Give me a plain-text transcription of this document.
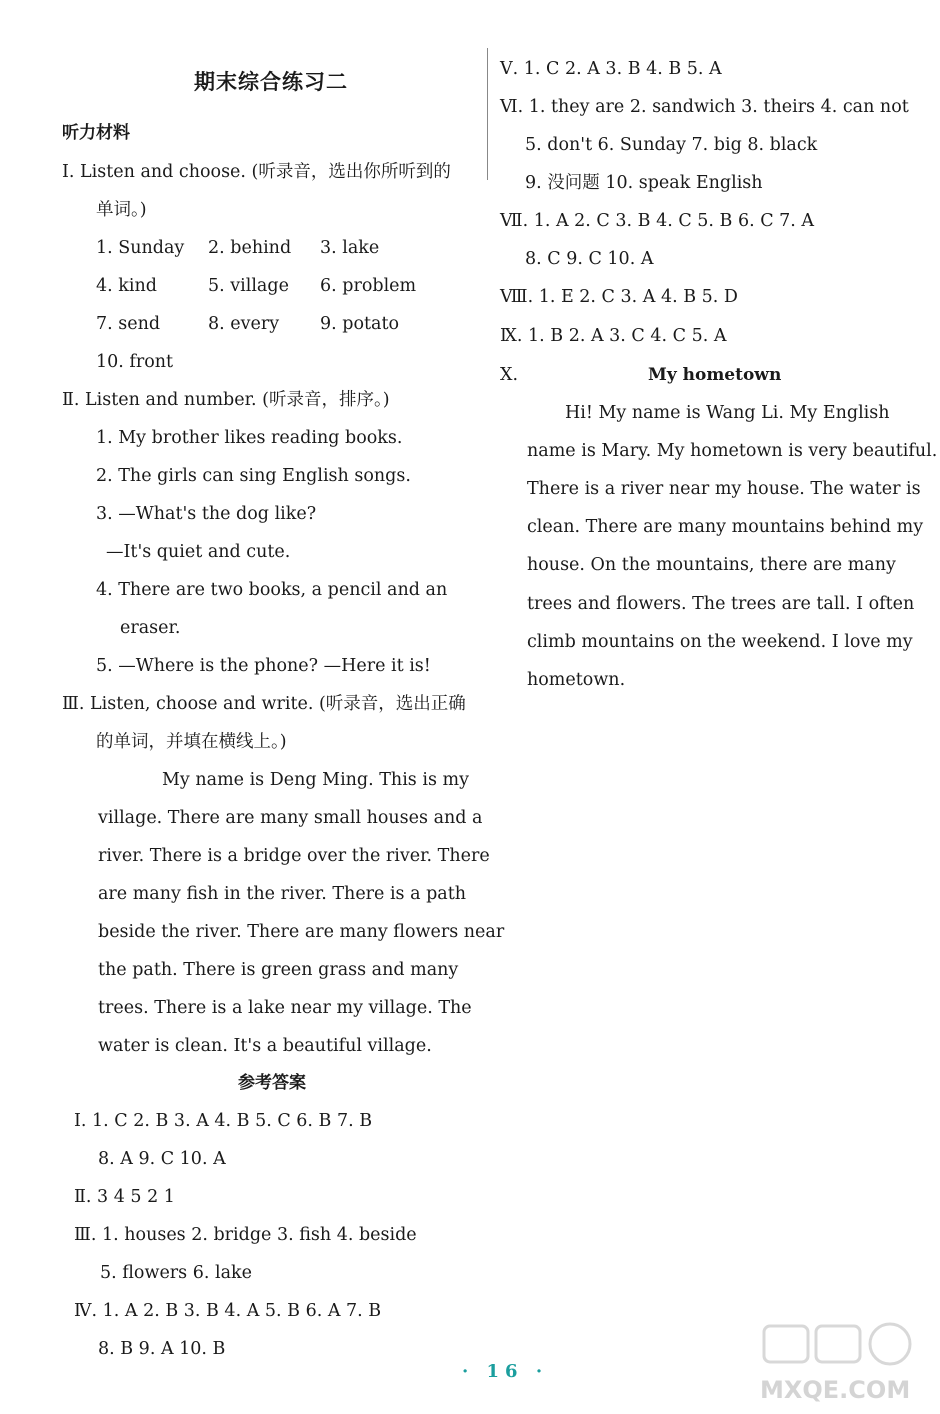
期末综合练习二
听力材料
Ⅰ. Listen and choose. (听录音，选出你所听到的
单词。)
1. Sunday 2. behind 3. lake
4. kind	5. village 6. problem
7. send	8. every 9. potato
10. front
Ⅱ. Listen and number. (听录音，排序。)
1. My brother likes reading books.
2. The girls can sing English songs.
3. —What's the dog like?
—It's quiet and cute.
4. There are two books, a pencil and an
eraser.
5. —Where is the phone? —Here it is!
Ⅲ. Listen, choose and write. (听录音，选出正确
的单词，并填在横线上。)
My name is Deng Ming. This is my
village. There are many small houses and a
river. There is a bridge over the river. There
are many fish in the river. There is a path
beside the river. There are many flowers near
the path. There is green grass and many
trees. There is a lake near my village. The
water is clean. It's a beautiful village.
参考答案
Ⅰ. 1. C 2. B 3. A 4. B 5. C 6. B 7. B
8. A 9. C 10. A
Ⅱ. 3 4 5 2 1
Ⅲ. 1. houses 2. bridge 3. fish 4. beside
5. flowers 6. lake
Ⅳ. 1. A 2. B 3. B 4. A 5. B 6. A 7. B
8. B 9. A 10. B
Ⅴ. 1. C 2. A 3. B 4. B 5. A
Ⅵ. 1. they are 2. sandwich 3. theirs 4. can not
5. don't 6. Sunday 7. big 8. black
9. 没问题 10. speak English
Ⅶ. 1. A 2. C 3. B 4. C 5. B 6. C 7. A
8. C 9. C 10. A
Ⅷ. 1. E 2. C 3. A 4. B 5. D
Ⅸ. 1. B 2. A 3. C 4. C 5. A
Ⅹ.	My hometown
Hi! My name is Wang Li. My English
name is Mary. My hometown is very beautiful.
There is a river near my house. The water is
clean. There are many mountains behind my
house. On the mountains, there are many
trees and flowers. The trees are tall. I often
climb mountains on the weekend. I love my
hometown.
· 16 ·
MXQE.COM
